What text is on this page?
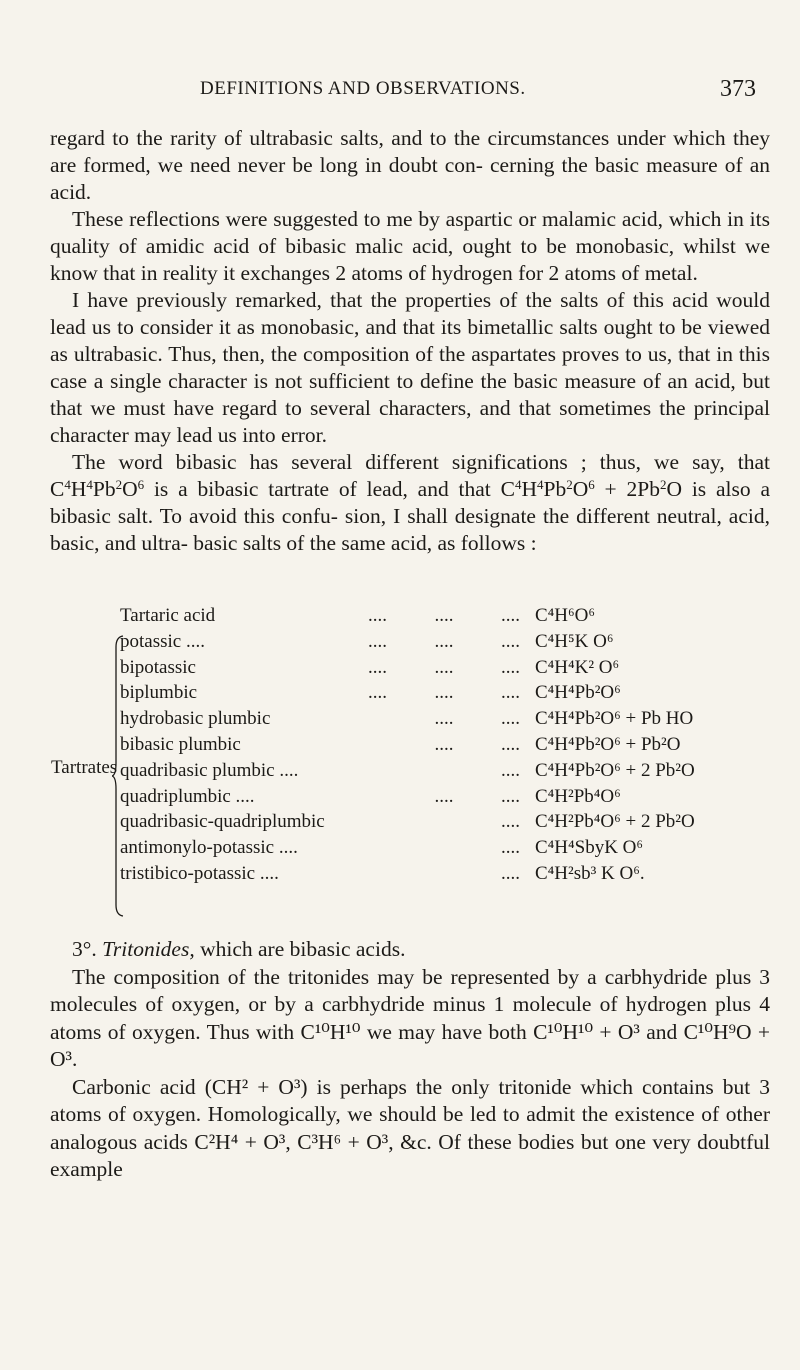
DEFINITIONS AND OBSERVATIONS.	373

regard to the rarity of ultrabasic salts, and to the circumstances under which they are formed, we need never be long in doubt con- cerning the basic measure of an acid.

These reflections were suggested to me by aspartic or malamic acid, which in its quality of amidic acid of bibasic malic acid, ought to be monobasic, whilst we know that in reality it exchanges 2 atoms of hydrogen for 2 atoms of metal.

I have previously remarked, that the properties of the salts of this acid would lead us to consider it as monobasic, and that its bimetallic salts ought to be viewed as ultrabasic. Thus, then, the composition of the aspartates proves to us, that in this case a single character is not sufficient to define the basic measure of an acid, but that we must have regard to several characters, and that sometimes the principal character may lead us into error.

The word bibasic has several different significations ; thus, we say, that $C^4H^4Pb^2O^6$ is a bibasic tartrate of lead, and that $C^4H^4Pb^2O^6 + 2Pb^2O$ is also a bibasic salt. To avoid this confu- sion, I shall designate the different neutral, acid, basic, and ultra- basic salts of the same acid, as follows :

Tartrates
Tartaric acid	....          ....          .... C⁴H⁶O⁶
potassic ....	....          ....          .... C⁴H⁵K O⁶
bipotassic	....          ....          .... C⁴H⁴K² O⁶
biplumbic	....          ....          .... C⁴H⁴Pb²O⁶
hydrobasic plumbic	....          .... C⁴H⁴Pb²O⁶ + Pb HO
bibasic plumbic	....          .... C⁴H⁴Pb²O⁶ + Pb²O
quadribasic plumbic ....	.... C⁴H⁴Pb²O⁶ + 2 Pb²O
quadriplumbic ....	....          .... C⁴H²Pb⁴O⁶
quadribasic-quadriplumbic	.... C⁴H²Pb⁴O⁶ + 2 Pb²O
antimonylo-potassic ....	.... C⁴H⁴SbyK O⁶
tristibico-potassic ....	.... C⁴H²sb³ K O⁶.

3°. Tritonides, which are bibasic acids.

The composition of the tritonides may be represented by a carbhydride plus 3 molecules of oxygen, or by a carbhydride minus 1 molecule of hydrogen plus 4 atoms of oxygen. Thus with C¹⁰H¹⁰ we may have both C¹⁰H¹⁰ + O³ and C¹⁰H⁹O + O³.

Carbonic acid (CH² + O³) is perhaps the only tritonide which contains but 3 atoms of oxygen. Homologically, we should be led to admit the existence of other analogous acids C²H⁴ + O³, C³H⁶ + O³, &c. Of these bodies but one very doubtful example
